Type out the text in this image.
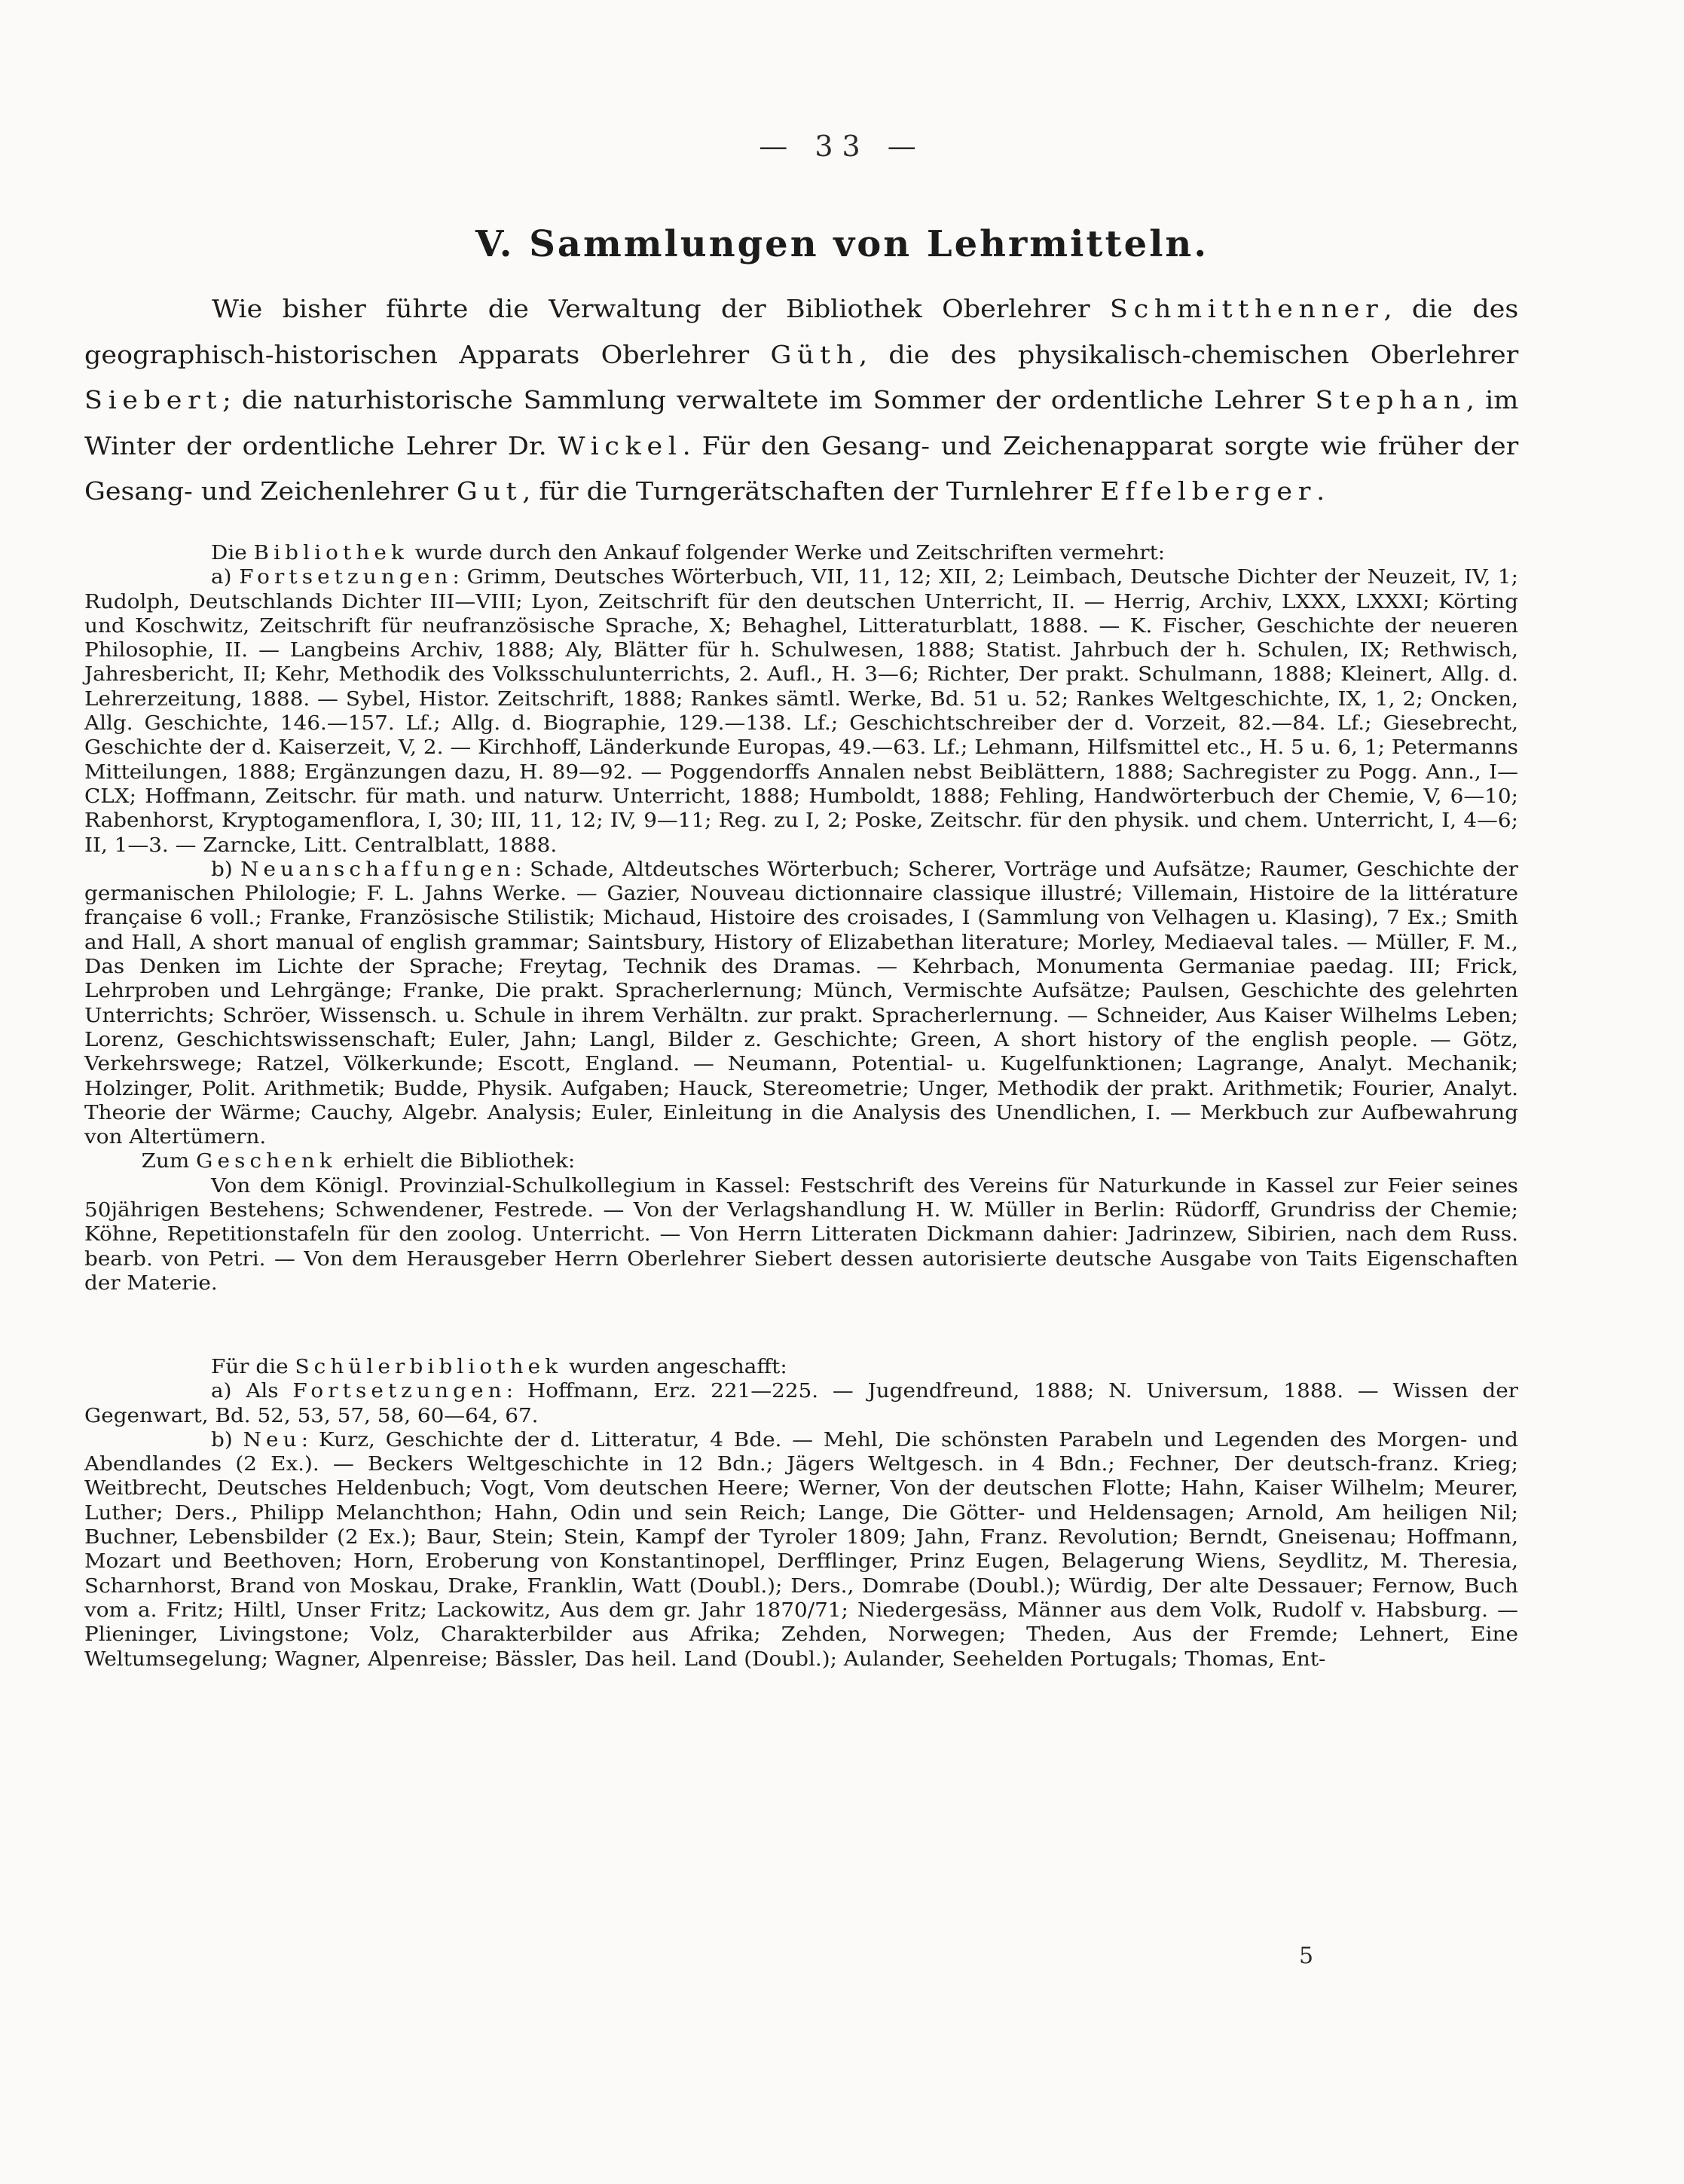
— 33 —
V. Sammlungen von Lehrmitteln.

Wie bisher führte die Verwaltung der Bibliothek Oberlehrer Schmitthenner, die des geographisch-historischen Apparats Oberlehrer Güth, die des physikalisch-chemischen Oberlehrer Siebert; die naturhistorische Sammlung verwaltete im Sommer der ordentliche Lehrer Stephan, im Winter der ordentliche Lehrer Dr. Wickel. Für den Gesang- und Zeichenapparat sorgte wie früher der Gesang- und Zeichenlehrer Gut, für die Turngerätschaften der Turnlehrer Effelberger.

Die Bibliothek wurde durch den Ankauf folgender Werke und Zeitschriften vermehrt:

a) Fortsetzungen: Grimm, Deutsches Wörterbuch, VII, 11, 12; XII, 2; Leimbach, Deutsche Dichter der Neuzeit, IV, 1; Rudolph, Deutschlands Dichter III—VIII; Lyon, Zeitschrift für den deutschen Unterricht, II. — Herrig, Archiv, LXXX, LXXXI; Körting und Koschwitz, Zeitschrift für neufranzösische Sprache, X; Behaghel, Litteraturblatt, 1888. — K. Fischer, Geschichte der neueren Philosophie, II. — Langbeins Archiv, 1888; Aly, Blätter für h. Schulwesen, 1888; Statist. Jahrbuch der h. Schulen, IX; Rethwisch, Jahresbericht, II; Kehr, Methodik des Volksschulunterrichts, 2. Aufl., H. 3—6; Richter, Der prakt. Schulmann, 1888; Kleinert, Allg. d. Lehrerzeitung, 1888. — Sybel, Histor. Zeitschrift, 1888; Rankes sämtl. Werke, Bd. 51 u. 52; Rankes Weltgeschichte, IX, 1, 2; Oncken, Allg. Geschichte, 146.—157. Lf.; Allg. d. Biographie, 129.—138. Lf.; Geschichtschreiber der d. Vorzeit, 82.—84. Lf.; Giesebrecht, Geschichte der d. Kaiserzeit, V, 2. — Kirchhoff, Länderkunde Europas, 49.—63. Lf.; Lehmann, Hilfsmittel etc., H. 5 u. 6, 1; Petermanns Mitteilungen, 1888; Ergänzungen dazu, H. 89—92. — Poggendorffs Annalen nebst Beiblättern, 1888; Sachregister zu Pogg. Ann., I—CLX; Hoffmann, Zeitschr. für math. und naturw. Unterricht, 1888; Humboldt, 1888; Fehling, Handwörterbuch der Chemie, V, 6—10; Rabenhorst, Kryptogamenflora, I, 30; III, 11, 12; IV, 9—11; Reg. zu I, 2; Poske, Zeitschr. für den physik. und chem. Unterricht, I, 4—6; II, 1—3. — Zarncke, Litt. Centralblatt, 1888.

b) Neuanschaffungen: Schade, Altdeutsches Wörterbuch; Scherer, Vorträge und Aufsätze; Raumer, Geschichte der germanischen Philologie; F. L. Jahns Werke. — Gazier, Nouveau dictionnaire classique illustré; Villemain, Histoire de la littérature française 6 voll.; Franke, Französische Stilistik; Michaud, Histoire des croisades, I (Sammlung von Velhagen u. Klasing), 7 Ex.; Smith and Hall, A short manual of english grammar; Saintsbury, History of Elizabethan literature; Morley, Mediaeval tales. — Müller, F. M., Das Denken im Lichte der Sprache; Freytag, Technik des Dramas. — Kehrbach, Monumenta Germaniae paedag. III; Frick, Lehrproben und Lehrgänge; Franke, Die prakt. Spracherlernung; Münch, Vermischte Aufsätze; Paulsen, Geschichte des gelehrten Unterrichts; Schröer, Wissensch. u. Schule in ihrem Verhältn. zur prakt. Spracherlernung. — Schneider, Aus Kaiser Wilhelms Leben; Lorenz, Geschichtswissenschaft; Euler, Jahn; Langl, Bilder z. Geschichte; Green, A short history of the english people. — Götz, Verkehrswege; Ratzel, Völkerkunde; Escott, England. — Neumann, Potential- u. Kugelfunktionen; Lagrange, Analyt. Mechanik; Holzinger, Polit. Arithmetik; Budde, Physik. Aufgaben; Hauck, Stereometrie; Unger, Methodik der prakt. Arithmetik; Fourier, Analyt. Theorie der Wärme; Cauchy, Algebr. Analysis; Euler, Einleitung in die Analysis des Unendlichen, I. — Merkbuch zur Aufbewahrung von Altertümern.

Zum Geschenk erhielt die Bibliothek:

Von dem Königl. Provinzial-Schulkollegium in Kassel: Festschrift des Vereins für Naturkunde in Kassel zur Feier seines 50jährigen Bestehens; Schwendener, Festrede. — Von der Verlagshandlung H. W. Müller in Berlin: Rüdorff, Grundriss der Chemie; Köhne, Repetitionstafeln für den zoolog. Unterricht. — Von Herrn Litteraten Dickmann dahier: Jadrinzew, Sibirien, nach dem Russ. bearb. von Petri. — Von dem Herausgeber Herrn Oberlehrer Siebert dessen autorisierte deutsche Ausgabe von Taits Eigenschaften der Materie.

Für die Schülerbibliothek wurden angeschafft:

a) Als Fortsetzungen: Hoffmann, Erz. 221—225. — Jugendfreund, 1888; N. Universum, 1888. — Wissen der Gegenwart, Bd. 52, 53, 57, 58, 60—64, 67.

b) Neu: Kurz, Geschichte der d. Litteratur, 4 Bde. — Mehl, Die schönsten Parabeln und Legenden des Morgen- und Abendlandes (2 Ex.). — Beckers Weltgeschichte in 12 Bdn.; Jägers Weltgesch. in 4 Bdn.; Fechner, Der deutsch-franz. Krieg; Weitbrecht, Deutsches Heldenbuch; Vogt, Vom deutschen Heere; Werner, Von der deutschen Flotte; Hahn, Kaiser Wilhelm; Meurer, Luther; Ders., Philipp Melanchthon; Hahn, Odin und sein Reich; Lange, Die Götter- und Heldensagen; Arnold, Am heiligen Nil; Buchner, Lebensbilder (2 Ex.); Baur, Stein; Stein, Kampf der Tyroler 1809; Jahn, Franz. Revolution; Berndt, Gneisenau; Hoffmann, Mozart und Beethoven; Horn, Eroberung von Konstantinopel, Derfflinger, Prinz Eugen, Belagerung Wiens, Seydlitz, M. Theresia, Scharnhorst, Brand von Moskau, Drake, Franklin, Watt (Doubl.); Ders., Domrabe (Doubl.); Würdig, Der alte Dessauer; Fernow, Buch vom a. Fritz; Hiltl, Unser Fritz; Lackowitz, Aus dem gr. Jahr 1870/71; Niedergesäss, Männer aus dem Volk, Rudolf v. Habsburg. — Plieninger, Livingstone; Volz, Charakterbilder aus Afrika; Zehden, Norwegen; Theden, Aus der Fremde; Lehnert, Eine Weltumsegelung; Wagner, Alpenreise; Bässler, Das heil. Land (Doubl.); Aulander, Seehelden Portugals; Thomas, Ent-

5
